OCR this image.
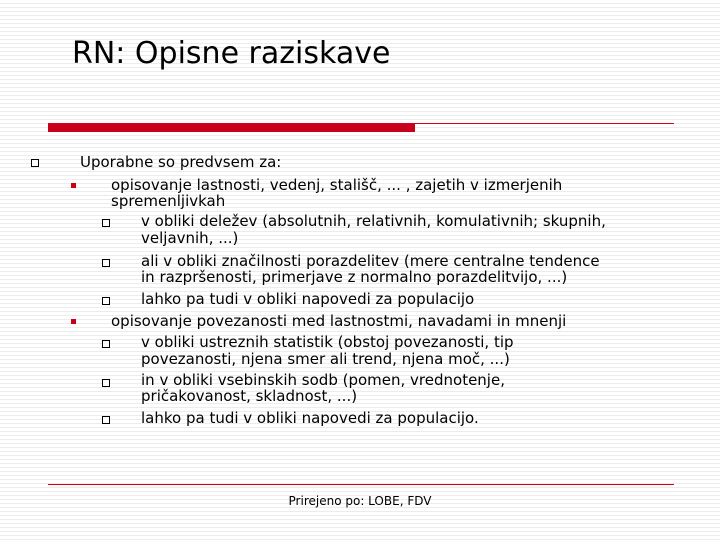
RN: Opisne raziskave
Uporabne so predvsem za:
opisovanje lastnosti, vedenj, stališč, ... , zajetih v izmerjenih
spremenljivkah
v obliki deležev (absolutnih, relativnih, komulativnih; skupnih,
veljavnih, ...)
ali v obliki značilnosti porazdelitev (mere centralne tendence
in razpršenosti, primerjave z normalno porazdelitvijo, ...)
lahko pa tudi v obliki napovedi za populacijo
opisovanje povezanosti med lastnostmi, navadami in mnenji
v obliki ustreznih statistik (obstoj povezanosti, tip
povezanosti, njena smer ali trend, njena moč, ...)
in v obliki vsebinskih sodb (pomen, vrednotenje,
pričakovanost, skladnost, ...)
lahko pa tudi v obliki napovedi za populacijo.
Prirejeno po: LOBE, FDV
